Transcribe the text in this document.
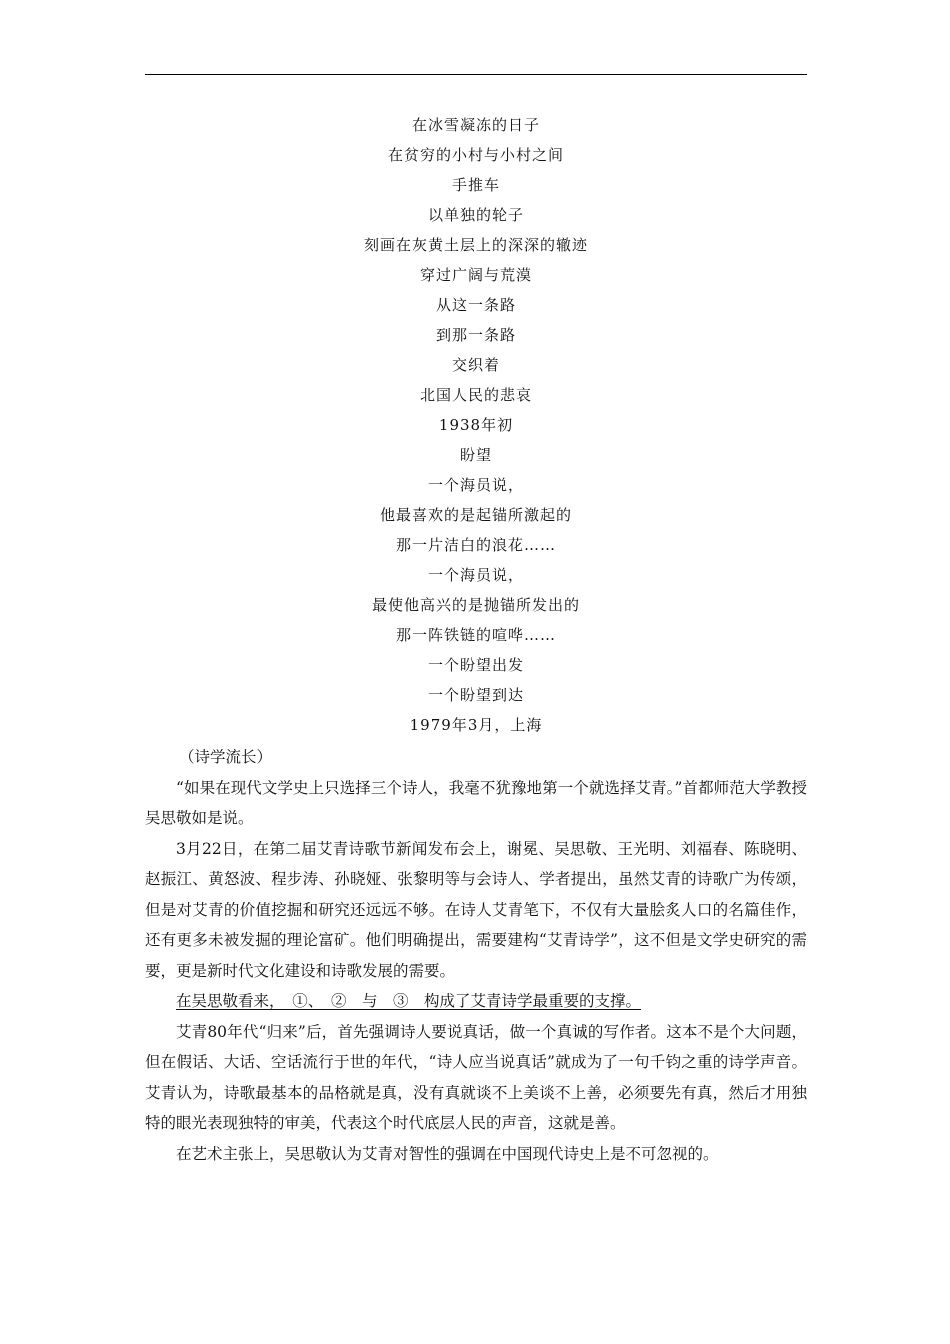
在冰雪凝冻的日子
在贫穷的小村与小村之间
手推车
以单独的轮子
刻画在灰黄土层上的深深的辙迹
穿过广阔与荒漠
从这一条路
到那一条路
交织着
北国人民的悲哀
1938年初
盼望
一个海员说，
他最喜欢的是起锚所激起的
那一片洁白的浪花……
一个海员说，
最使他高兴的是抛锚所发出的
那一阵铁链的喧哗……
一个盼望出发
一个盼望到达
1979年3月，上海

（诗学流长）

“如果在现代文学史上只选择三个诗人，我毫不犹豫地第一个就选择艾青。”首都师范大学教授吴思敬如是说。

3月22日，在第二届艾青诗歌节新闻发布会上，谢冕、吴思敬、王光明、刘福春、陈晓明、赵振江、黄怒波、程步涛、孙晓娅、张黎明等与会诗人、学者提出，虽然艾青的诗歌广为传颂，但是对艾青的价值挖掘和研究还远远不够。在诗人艾青笔下，不仅有大量脍炙人口的名篇佳作，还有更多未被发掘的理论富矿。他们明确提出，需要建构“艾青诗学”，这不但是文学史研究的需要，更是新时代文化建设和诗歌发展的需要。

在吴思敬看来，　①、　②　与　③　构成了艾青诗学最重要的支撑。

艾青80年代“归来”后，首先强调诗人要说真话，做一个真诚的写作者。这本不是个大问题，但在假话、大话、空话流行于世的年代，“诗人应当说真话”就成为了一句千钧之重的诗学声音。艾青认为，诗歌最基本的品格就是真，没有真就谈不上美谈不上善，必须要先有真，然后才用独特的眼光表现独特的审美，代表这个时代底层人民的声音，这就是善。

在艺术主张上，吴思敬认为艾青对智性的强调在中国现代诗史上是不可忽视的。
